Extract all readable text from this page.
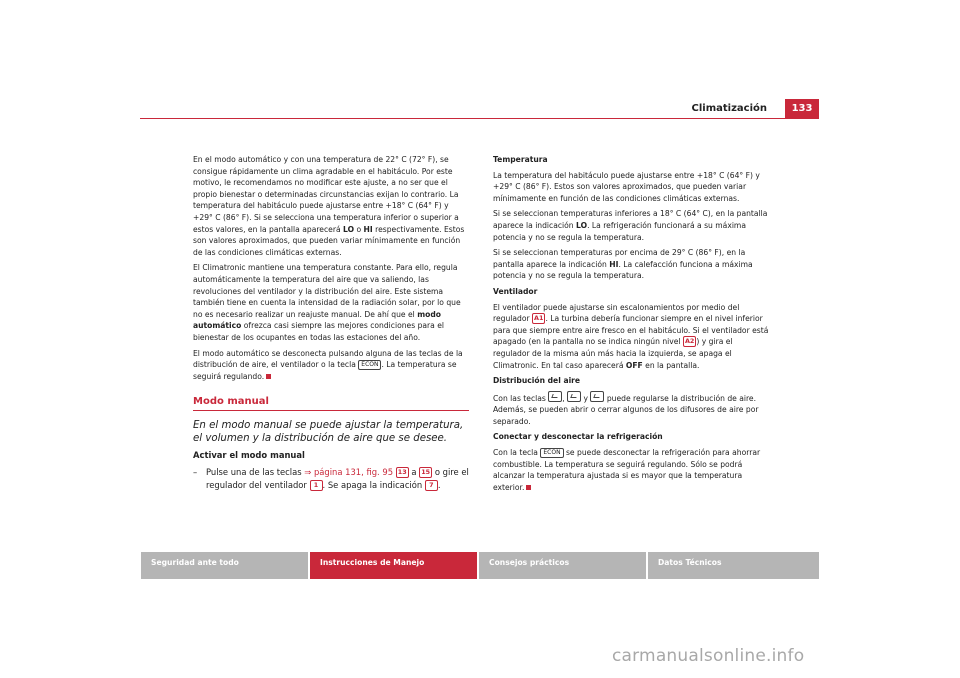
Climatización	133

En el modo automático y con una temperatura de 22° C (72° F), se consigue rápidamente un clima agradable en el habitáculo. Por este motivo, le recomendamos no modificar este ajuste, a no ser que el propio bienestar o determinadas circunstancias exijan lo contrario. La temperatura del habitáculo puede ajustarse entre +18° C (64° F) y +29° C (86° F). Si se selecciona una temperatura inferior o superior a estos valores, en la pantalla aparecerá LO o HI respectivamente. Estos son valores aproximados, que pueden variar mínimamente en función de las condiciones climáticas externas.

El Climatronic mantiene una temperatura constante. Para ello, regula automáticamente la temperatura del aire que va saliendo, las revoluciones del ventilador y la distribución del aire. Este sistema también tiene en cuenta la intensidad de la radiación solar, por lo que no es necesario realizar un reajuste manual. De ahí que el modo automático ofrezca casi siempre las mejores condiciones para el bienestar de los ocupantes en todas las estaciones del año.

El modo automático se desconecta pulsando alguna de las teclas de la distribución de aire, el ventilador o la tecla ECON . La temperatura se seguirá regulando.

Modo manual

En el modo manual se puede ajustar la temperatura, el volumen y la distribución de aire que se desee.

Activar el modo manual

–	Pulse una de las teclas ⇒ página 131, fig. 95 13 a 15 o gire el regulador del ventilador 1 . Se apaga la indicación 7 .

Temperatura

La temperatura del habitáculo puede ajustarse entre +18° C (64° F) y +29° C (86° F). Estos son valores aproximados, que pueden variar mínimamente en función de las condiciones climáticas externas.

Si se seleccionan temperaturas inferiores a 18° C (64° C), en la pantalla aparece la indicación LO. La refrigeración funcionará a su máxima potencia y no se regula la temperatura.

Si se seleccionan temperaturas por encima de 29° C (86° F), en la pantalla aparece la indicación HI. La calefacción funciona a máxima potencia y no se regula la temperatura.

Ventilador

El ventilador puede ajustarse sin escalonamientos por medio del regulador A1 . La turbina debería funcionar siempre en el nivel inferior para que siempre entre aire fresco en el habitáculo. Si el ventilador está apagado (en la pantalla no se indica ningún nivel A2 ) y gira el regulador de la misma aún más hacia la izquierda, se apaga el Climatronic. En tal caso aparecerá OFF en la pantalla.

Distribución del aire

Con las teclas ,  y  puede regularse la distribución de aire. Además, se pueden abrir o cerrar algunos de los difusores de aire por separado.

Conectar y desconectar la refrigeración

Con la tecla ECON se puede desconectar la refrigeración para ahorrar combustible. La temperatura se seguirá regulando. Sólo se podrá alcanzar la temperatura ajustada si es mayor que la temperatura exterior.

Seguridad ante todo	Instrucciones de Manejo	Consejos prácticos	Datos Técnicos
carmanualsonline.info
